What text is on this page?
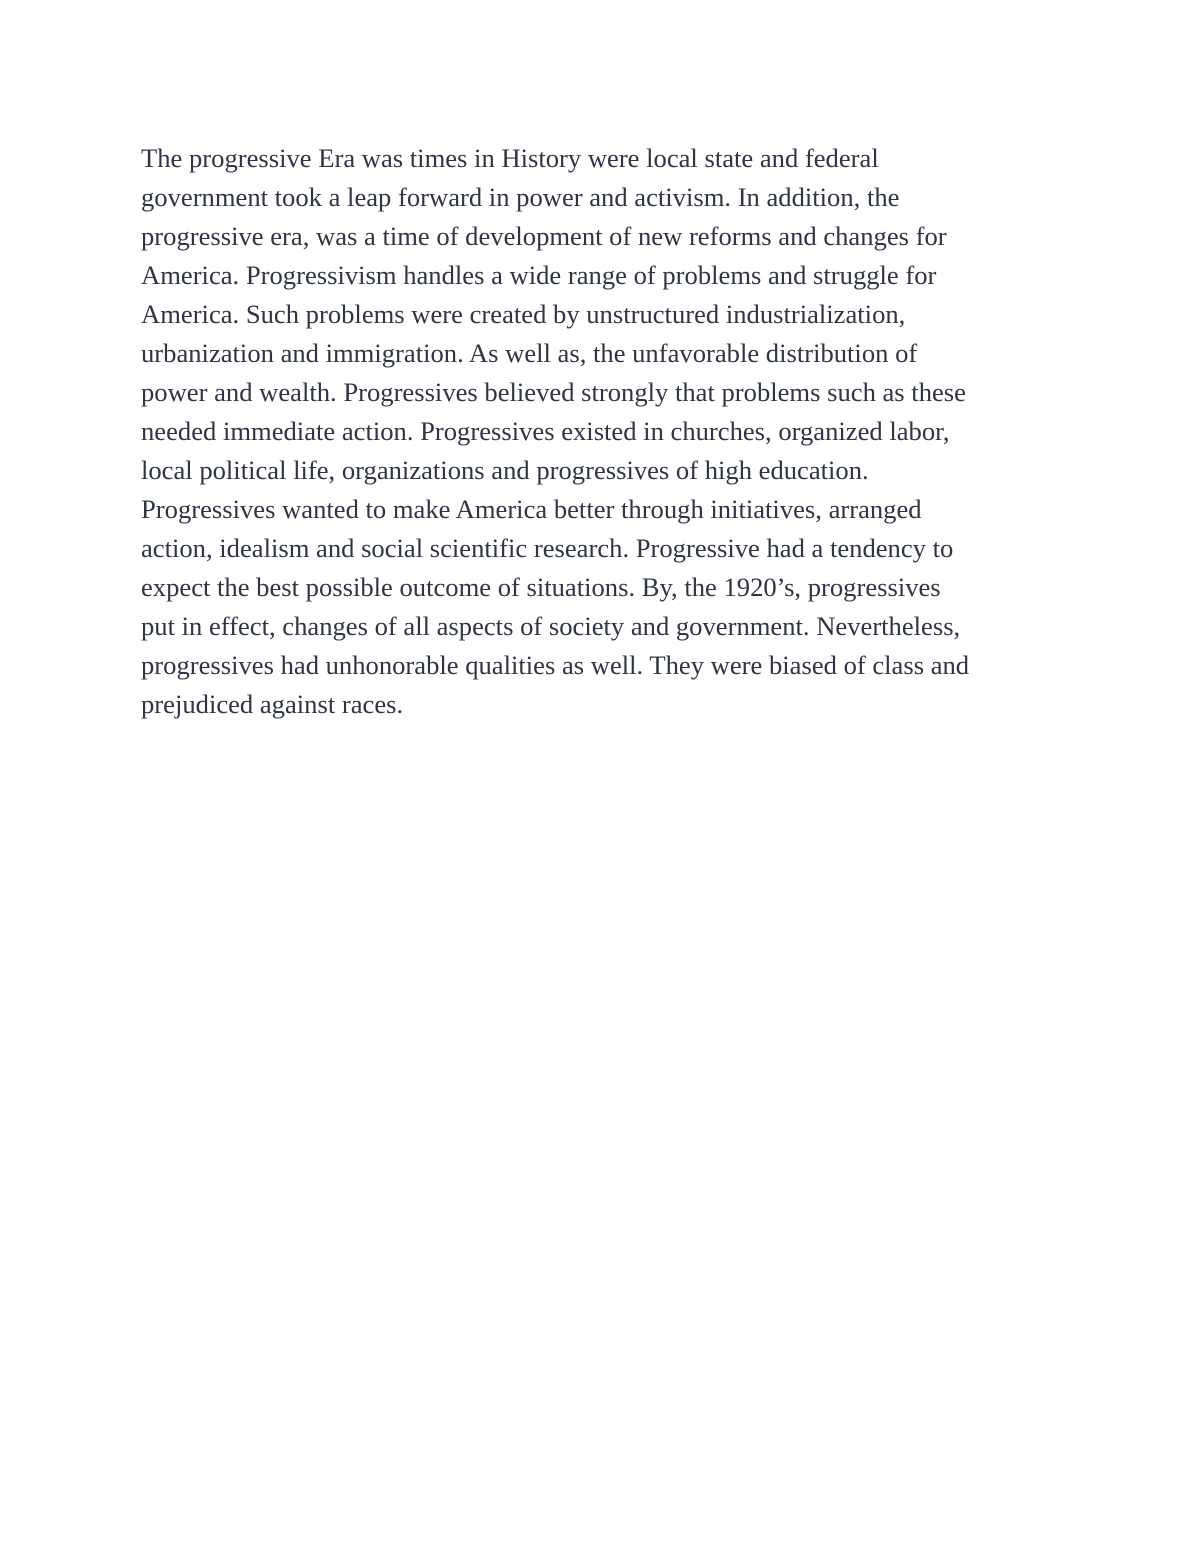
The progressive Era was times in History were local state and federal
government took a leap forward in power and activism. In addition, the
progressive era, was a time of development of new reforms and changes for
America. Progressivism handles a wide range of problems and struggle for
America. Such problems were created by unstructured industrialization,
urbanization and immigration. As well as, the unfavorable distribution of
power and wealth. Progressives believed strongly that problems such as these
needed immediate action. Progressives existed in churches, organized labor,
local political life, organizations and progressives of high education.
Progressives wanted to make America better through initiatives, arranged
action, idealism and social scientific research. Progressive had a tendency to
expect the best possible outcome of situations. By, the 1920’s, progressives
put in effect, changes of all aspects of society and government. Nevertheless,
progressives had unhonorable qualities as well. They were biased of class and
prejudiced against races.
